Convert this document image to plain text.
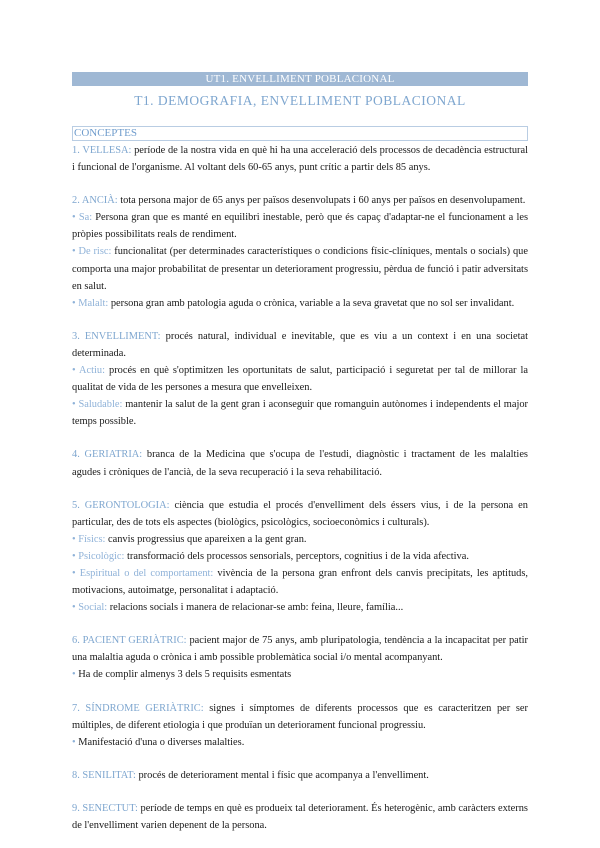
UT1. ENVELLIMENT POBLACIONAL
T1. DEMOGRAFIA, ENVELLIMENT POBLACIONAL
CONCEPTES

1. VELLESA: període de la nostra vida en què hi ha una acceleració dels processos de decadència estructural i funcional de l'organisme. Al voltant dels 60-65 anys, punt crític a partir dels 85 anys.

2. ANCIÀ: tota persona major de 65 anys per països desenvolupats i 60 anys per països en desenvolupament.

• Sa: Persona gran que es manté en equilibri inestable, però que és capaç d'adaptar-ne el funcionament a les pròpies possibilitats reals de rendiment.

• De risc: funcionalitat (per determinades característiques o condicions físic-clíniques, mentals o socials) que comporta una major probabilitat de presentar un deteriorament progressiu, pèrdua de funció i patir adversitats en salut.

• Malalt: persona gran amb patologia aguda o crònica, variable a la seva gravetat que no sol ser invalidant.

3. ENVELLIMENT: procés natural, individual e inevitable, que es viu a un context i en una societat determinada.

• Actiu: procés en què s'optimitzen les oportunitats de salut, participació i seguretat per tal de millorar la qualitat de vida de les persones a mesura que envelleixen.

• Saludable: mantenir la salut de la gent gran i aconseguir que romanguin autònomes i independents el major temps possible.

4. GERIATRIA: branca de la Medicina que s'ocupa de l'estudi, diagnòstic i tractament de les malalties agudes i cròniques de l'ancià, de la seva recuperació i la seva rehabilitació.

5. GERONTOLOGIA: ciència que estudia el procés d'envelliment dels éssers vius, i de la persona en particular, des de tots els aspectes (biològics, psicològics, socioeconòmics i culturals).

• Físics: canvis progressius que apareixen a la gent gran.

• Psicològic: transformació dels processos sensorials, perceptors, cognitius i de la vida afectiva.

• Espiritual o del comportament: vivència de la persona gran enfront dels canvis precipitats, les aptituds, motivacions, autoimatge, personalitat i adaptació.

• Social: relacions socials i manera de relacionar-se amb: feina, lleure, família...

6. PACIENT GERIÀTRIC: pacient major de 75 anys, amb pluripatologia, tendència a la incapacitat per patir una malaltia aguda o crònica i amb possible problemàtica social i/o mental acompanyant.

• Ha de complir almenys 3 dels 5 requisits esmentats

7. SÍNDROME GERIÀTRIC: signes i símptomes de diferents processos que es caracteritzen per ser múltiples, de diferent etiologia i que produïan un deteriorament funcional progressiu.

• Manifestació d'una o diverses malalties.

8. SENILITAT: procés de deteriorament mental i físic que acompanya a l'envelliment.

9. SENECTUT: període de temps en què es produeix tal deteriorament. És heterogènic, amb caràcters externs de l'envelliment varien depenent de la persona.
